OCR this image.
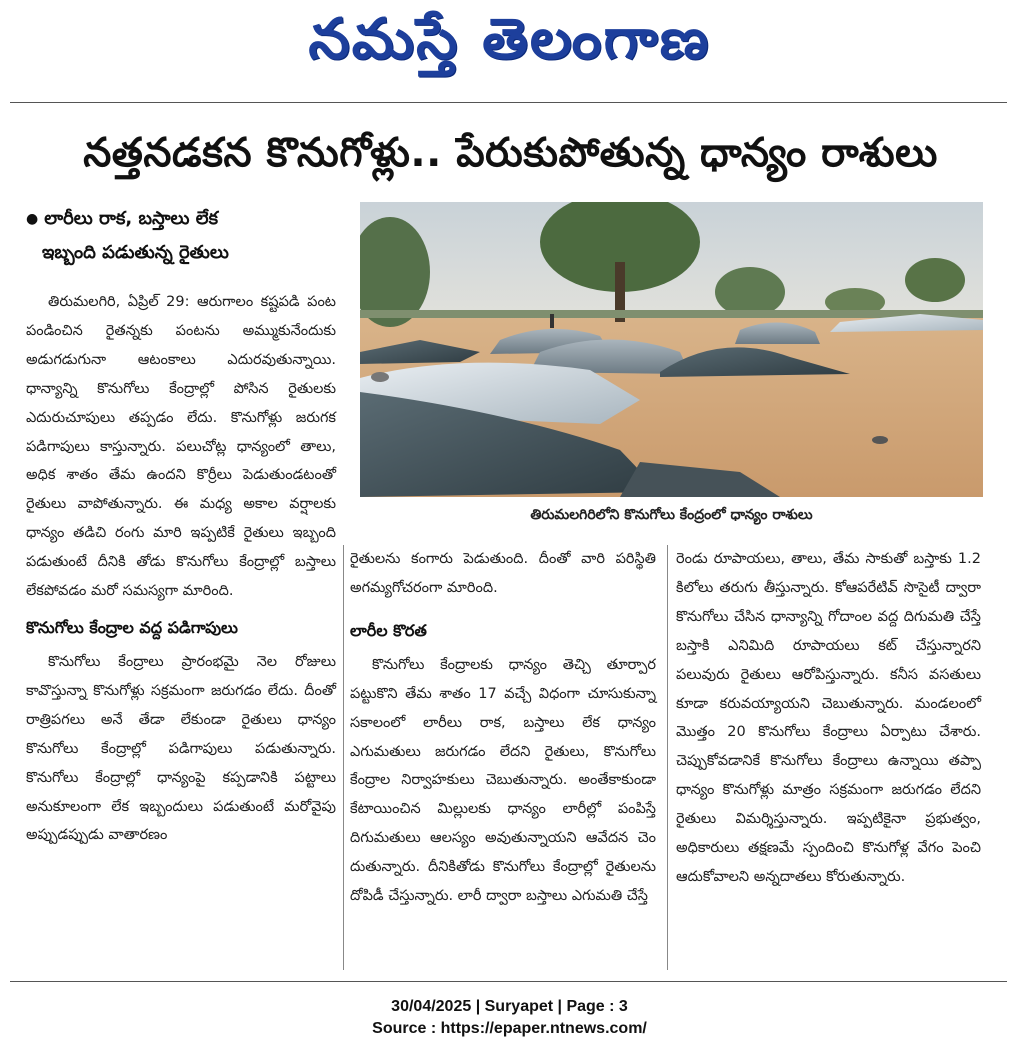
నమస్తే తెలంగాణ
నత్తనడకన కొనుగోళ్లు.. పేరుకుపోతున్న ధాన్యం రాశులు
● లారీలు రాక, బస్తాలు లేక
ఇబ్బంది పడుతున్న రైతులు
తిరుమలగిరిలోని కొనుగోలు కేంద్రంలో ధాన్యం రాశులు

తిరుమలగిరి, ఏప్రిల్ 29: ఆరుగాలం కష్టపడి పంట పండించిన రైతన్నకు పంటను అమ్ముకునేందుకు అడుగడుగునా ఆటంకాలు ఎదురవుతున్నాయి. ధాన్యాన్ని కొనుగోలు కేంద్రాల్లో పోసిన రైతులకు ఎదురుచూపులు తప్పడం లేదు. కొనుగోళ్లు జరుగక పడిగాపులు కాస్తున్నారు. పలుచోట్ల ధాన్యంలో తాలు, అధిక శాతం తేమ ఉందని కొర్రీలు పెడుతుండటంతో రైతులు వాపోతున్నారు. ఈ మధ్య అకాల వర్షాలకు ధాన్యం తడిచి రంగు మారి ఇప్పటికే రైతులు ఇబ్బంది పడుతుంటే దీనికి తోడు కొనుగోలు కేంద్రాల్లో బస్తాలు లేకపోవడం మరో సమస్యగా మారింది.

కొనుగోలు కేంద్రాల వద్ద పడిగాపులు

కొనుగోలు కేంద్రాలు ప్రారంభమై నెల రోజులు కావొస్తున్నా కొనుగోళ్లు సక్రమంగా జరుగడం లేదు. దీంతో రాత్రిపగలు అనే తేడా లేకుండా రైతులు ధాన్యం కొనుగోలు కేంద్రాల్లో పడిగాపులు పడుతున్నారు. కొనుగోలు కేంద్రాల్లో ధాన్యంపై కప్పడానికి పట్టాలు అనుకూలంగా లేక ఇబ్బందులు పడుతుంటే మరోవైపు అప్పుడప్పుడు వాతారణం

రైతులను కంగారు పెడుతుంది. దీంతో వారి పరిస్థితి అగమ్యగోచరంగా మారింది.

లారీల కొరత

కొనుగోలు కేంద్రాలకు ధాన్యం తెచ్చి తూర్పార పట్టుకొని తేమ శాతం 17 వచ్చే విధంగా చూసుకున్నా సకాలంలో లారీలు రాక, బస్తాలు లేక ధాన్యం ఎగుమతులు జరుగడం లేదని రైతులు, కొనుగోలు కేంద్రాల నిర్వాహకులు చెబుతున్నారు. అంతేకాకుండా కేటాయించిన మిల్లులకు ధాన్యం లారీల్లో పంపిస్తే దిగుమతులు ఆలస్యం అవుతున్నాయని ఆవేదన చెం దుతున్నారు. దీనికితోడు కొనుగోలు కేంద్రాల్లో రైతులను దోపిడీ చేస్తున్నారు. లారీ ద్వారా బస్తాలు ఎగుమతి చేస్తే

రెండు రూపాయలు, తాలు, తేమ సాకుతో బస్తాకు 1.2 కిలోలు తరుగు తీస్తున్నారు. కోఆపరేటివ్ సొసైటీ ద్వారా కొనుగోలు చేసిన ధాన్యాన్ని గోదాంల వద్ద దిగుమతి చేస్తే బస్తాకి ఎనిమిది రూపాయలు కట్ చేస్తున్నారని పలువురు రైతులు ఆరోపిస్తున్నారు. కనీస వసతులు కూడా కరువయ్యాయని చెబుతున్నారు. మండలంలో మొత్తం 20 కొనుగోలు కేంద్రాలు ఏర్పాటు చేశారు. చెప్పుకోవడానికే కొనుగోలు కేంద్రాలు ఉన్నాయి తప్పా ధాన్యం కొనుగోళ్లు మాత్రం సక్రమంగా జరుగడం లేదని రైతులు విమర్శిస్తున్నారు. ఇప్పటికైనా ప్రభుత్వం, అధికారులు తక్షణమే స్పందించి కొనుగోళ్ల వేగం పెంచి ఆదుకోవాలని అన్నదాతలు కోరుతున్నారు.

30/04/2025 | Suryapet | Page : 3
Source : https://epaper.ntnews.com/
